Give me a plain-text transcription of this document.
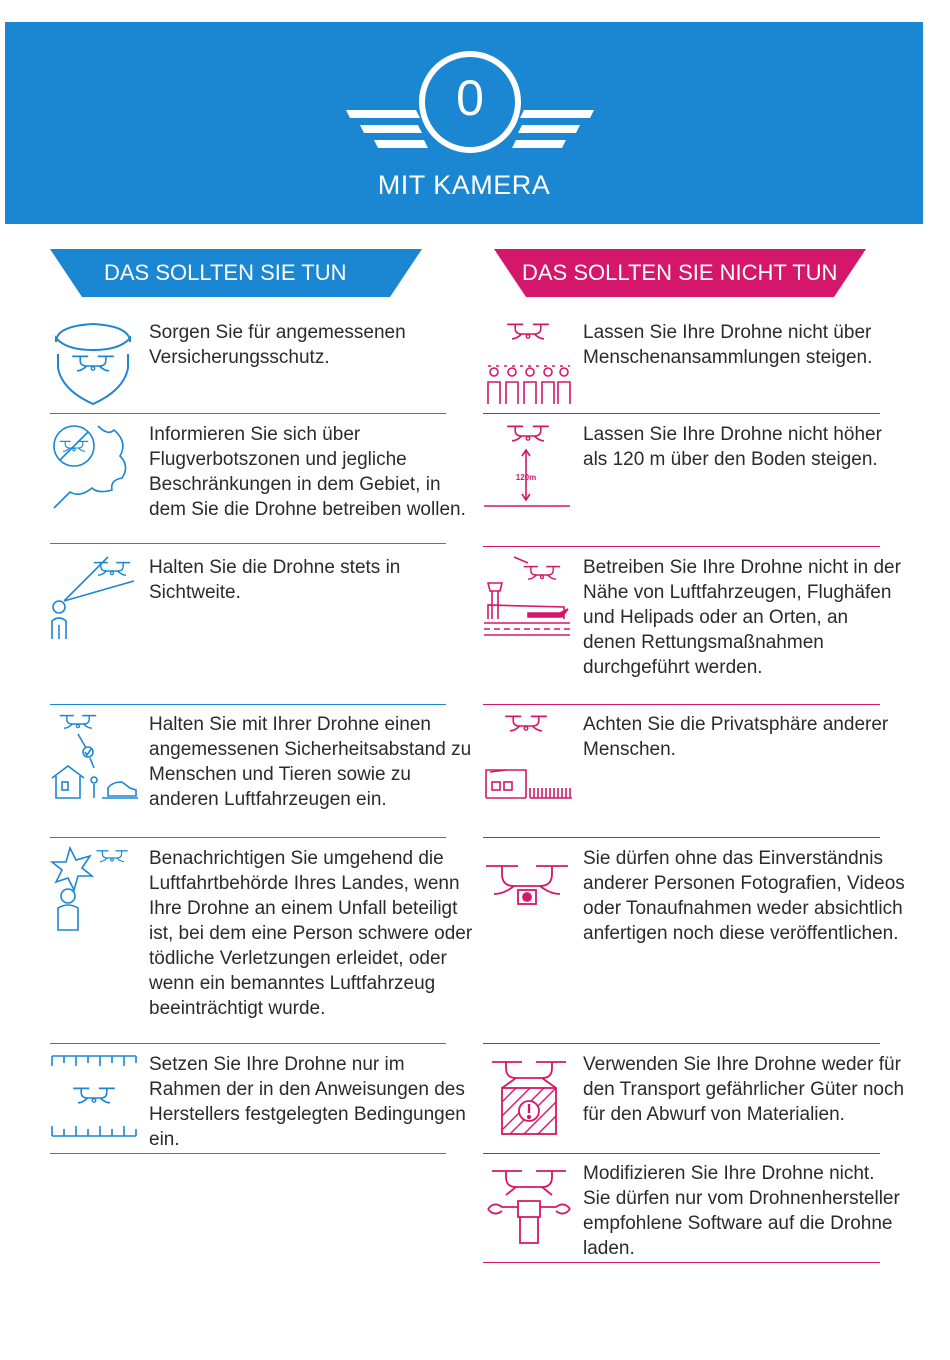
0
MIT KAMERA
DAS SOLLTEN SIE TUN	DAS SOLLTEN SIE NICHT TUN
Sorgen Sie für angemessenen Versicherungsschutz.
Informieren Sie sich über Flugverbotszonen und jegliche Beschränkungen in dem Gebiet, in dem Sie die Drohne betreiben wollen.
Halten Sie die Drohne stets in Sichtweite.
Halten Sie mit Ihrer Drohne einen angemessenen Sicherheitsabstand zu Menschen und Tieren sowie zu anderen Luftfahrzeugen ein.
Benachrichtigen Sie umgehend die Luftfahrtbehörde Ihres Landes, wenn Ihre Drohne an einem Unfall beteiligt ist, bei dem eine Person schwere oder tödliche Verletzungen erleidet, oder wenn ein bemanntes Luftfahrzeug beeinträchtigt wurde.
Setzen Sie Ihre Drohne nur im Rahmen der in den Anweisungen des Herstellers festgelegten Bedingungen ein.
Lassen Sie Ihre Drohne nicht über Menschenansammlungen steigen.
120m
Lassen Sie Ihre Drohne nicht höher als 120 m über den Boden steigen.
Betreiben Sie Ihre Drohne nicht in der Nähe von Luftfahrzeugen, Flughäfen und Helipads oder an Orten, an denen Rettungsmaßnahmen durchgeführt werden.
Achten Sie die Privatsphäre anderer Menschen.
Sie dürfen ohne das Einverständnis anderer Personen Fotografien, Videos oder Tonaufnahmen weder absichtlich anfertigen noch diese veröffentlichen.
Verwenden Sie Ihre Drohne weder für den Transport gefährlicher Güter noch für den Abwurf von Materialien.
Modifizieren Sie Ihre Drohne nicht. Sie dürfen nur vom Drohnenhersteller empfohlene Software auf die Drohne laden.
